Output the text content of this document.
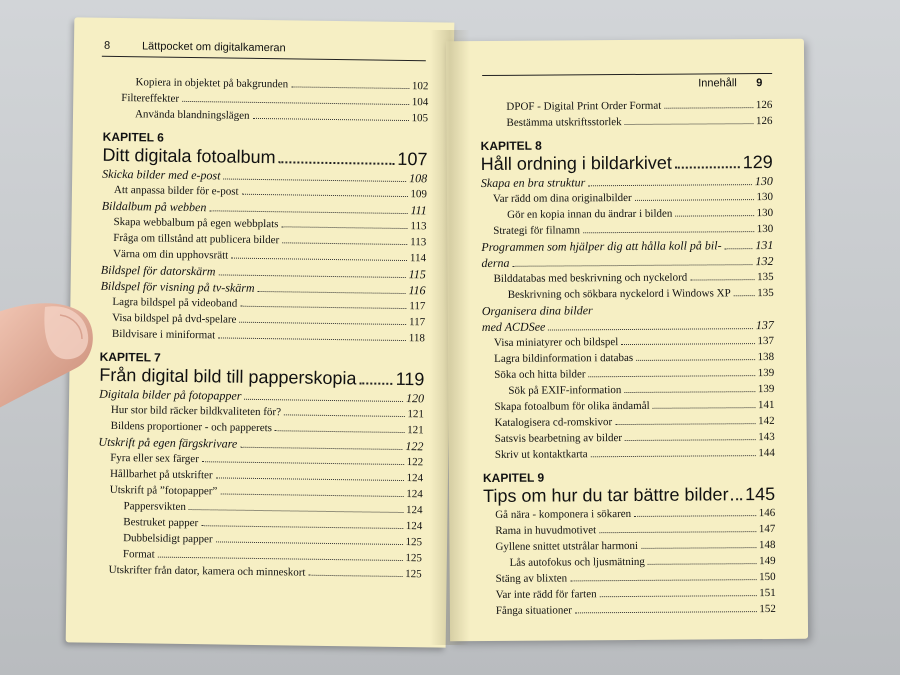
8	Lättpocket om digitalkameran
Kopiera in objektet på bakgrunden	102
Filtereffekter	104
Använda blandningslägen	105
KAPITEL 6
Ditt digitala fotoalbum	107
Skicka bilder med e-post	108
Att anpassa bilder för e-post	109
Bildalbum på webben	111
Skapa webbalbum på egen webbplats	113
Fråga om tillstånd att publicera bilder	113
Värna om din upphovsrätt	114
Bildspel för datorskärm	115
Bildspel för visning på tv-skärm	116
Lagra bildspel på videoband	117
Visa bildspel på dvd-spelare	117
Bildvisare i miniformat	118
KAPITEL 7
Från digital bild till papperskopia 119
Digitala bilder på fotopapper	120
Hur stor bild räcker bildkvaliteten för?	121
Bildens proportioner - och papperets	121
Utskrift på egen färgskrivare	122
Fyra eller sex färger	122
Hållbarhet på utskrifter	124
Utskrift på ”fotopapper”	124
Pappersvikten	124
Bestruket papper	124
Dubbelsidigt papper	125
Format	125
Utskrifter från dator, kamera och minneskort	125
Innehåll 9
DPOF - Digital Print Order Format	126
Bestämma utskriftsstorlek	126
KAPITEL 8
Håll ordning i bildarkivet	129
Skapa en bra struktur	130
Var rädd om dina originalbilder	130
Gör en kopia innan du ändrar i bilden	130
Strategi för filnamn	130
Programmen som hjälper dig att hålla koll på bil-	131
derna	132
Bilddatabas med beskrivning och nyckelord	135
Beskrivning och sökbara nyckelord i Windows XP 135
Organisera dina bilder
med ACDSee	137
Visa miniatyrer och bildspel	137
Lagra bildinformation i databas	138
Söka och hitta bilder	139
Sök på EXIF-information	139
Skapa fotoalbum för olika ändamål	141
Katalogisera cd-romskivor	142
Satsvis bearbetning av bilder	143
Skriv ut kontaktkarta	144
KAPITEL 9
Tips om hur du tar bättre bilder 145
Gå nära - komponera i sökaren	146
Rama in huvudmotivet	147
Gyllene snittet utstrålar harmoni	148
Lås autofokus och ljusmätning	149
Stäng av blixten	150
Var inte rädd för farten	151
Fånga situationer	152
